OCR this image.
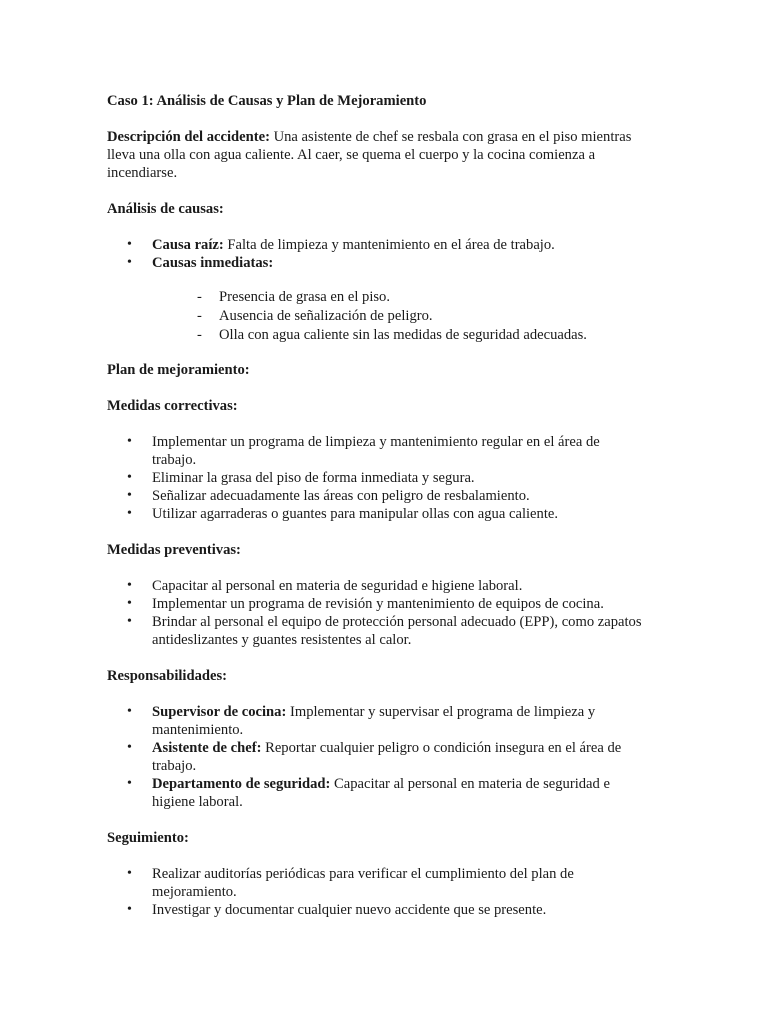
Caso 1: Análisis de Causas y Plan de Mejoramiento

Descripción del accidente: Una asistente de chef se resbala con grasa en el piso mientras lleva una olla con agua caliente. Al caer, se quema el cuerpo y la cocina comienza a incendiarse.

Análisis de causas:

• Causa raíz: Falta de limpieza y mantenimiento en el área de trabajo.
• Causas inmediatas:
- Presencia de grasa en el piso.
- Ausencia de señalización de peligro.
- Olla con agua caliente sin las medidas de seguridad adecuadas.

Plan de mejoramiento:

Medidas correctivas:

• Implementar un programa de limpieza y mantenimiento regular en el área de trabajo.
• Eliminar la grasa del piso de forma inmediata y segura.
• Señalizar adecuadamente las áreas con peligro de resbalamiento.
• Utilizar agarraderas o guantes para manipular ollas con agua caliente.

Medidas preventivas:

• Capacitar al personal en materia de seguridad e higiene laboral.
• Implementar un programa de revisión y mantenimiento de equipos de cocina.
• Brindar al personal el equipo de protección personal adecuado (EPP), como zapatos antideslizantes y guantes resistentes al calor.

Responsabilidades:

• Supervisor de cocina: Implementar y supervisar el programa de limpieza y mantenimiento.
• Asistente de chef: Reportar cualquier peligro o condición insegura en el área de trabajo.
• Departamento de seguridad: Capacitar al personal en materia de seguridad e higiene laboral.

Seguimiento:

• Realizar auditorías periódicas para verificar el cumplimiento del plan de mejoramiento.
• Investigar y documentar cualquier nuevo accidente que se presente.
